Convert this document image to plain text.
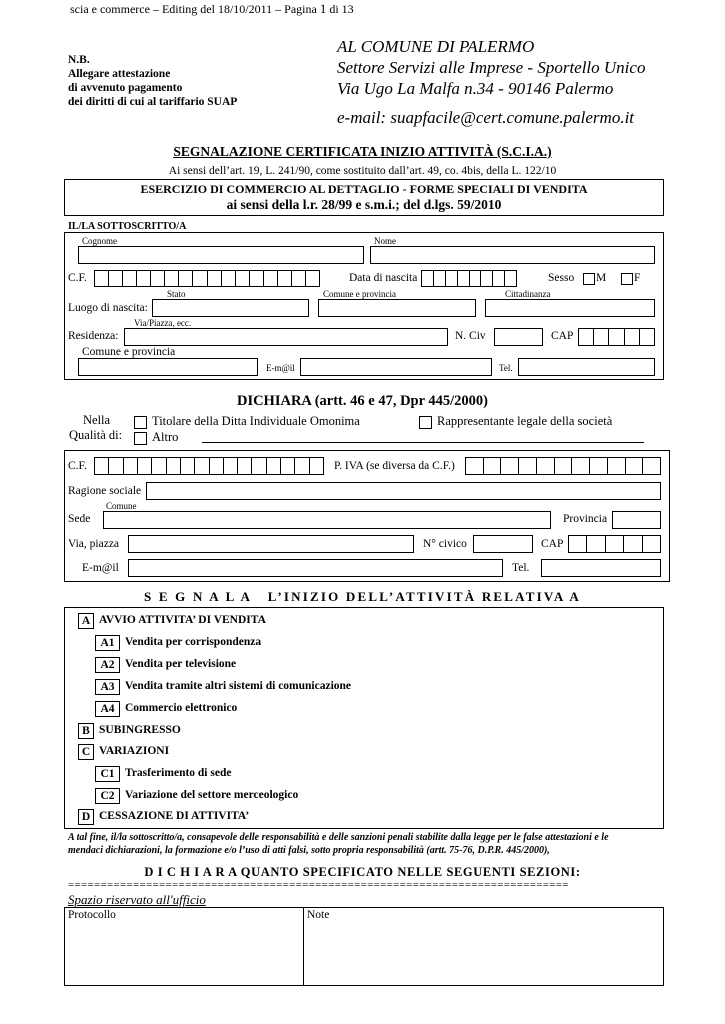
scia e commerce – Editing del 18/10/2011 – Pagina 1 di 13
N.B.
Allegare attestazione
di avvenuto pagamento
dei diritti di cui al tariffario SUAP
AL COMUNE DI PALERMO
Settore Servizi alle Imprese - Sportello Unico
Via Ugo La Malfa n.34 - 90146 Palermo
e-mail: suapfacile@cert.comune.palermo.it
SEGNALAZIONE CERTIFICATA INIZIO ATTIVITÀ (S.C.I.A.)
Ai sensi dell’art. 19, L. 241/90, come sostituito dall’art. 49, co. 4bis, della L. 122/10
ESERCIZIO DI COMMERCIO AL DETTAGLIO - FORME SPECIALI DI VENDITA
ai sensi della l.r. 28/99 e s.m.i.; del d.lgs. 59/2010
IL/LA SOTTOSCRITTO/A
Cognome	Nome
C.F.	Data di nascita	Sesso M F
Stato	Comune e provincia	Cittadinanza
Luogo di nascita:
Via/Piazza, ecc.
Residenza:	N. Civ	CAP
Comune e provincia
E-m@il	Tel.
DICHIARA (artt. 46 e 47, Dpr 445/2000)
Nella
Qualità di:
Titolare della Ditta Individuale Omonima	Rappresentante legale della società
Altro
C.F.	P. IVA (se diversa da C.F.)
Ragione sociale
Comune
Sede	Provincia
Via, piazza	N° civico	CAP
E-m@il	Tel.
S E G N A L A   L’INIZIO DELL’ATTIVITÀ RELATIVA A
A AVVIO ATTIVITA’ DI VENDITA
A1 Vendita per corrispondenza
A2 Vendita per televisione
A3 Vendita tramite altri sistemi di comunicazione
A4 Commercio elettronico
B SUBINGRESSO
C VARIAZIONI
C1 Trasferimento di sede
C2 Variazione del settore merceologico
D CESSAZIONE DI ATTIVITA’
A tal fine, il/la sottoscritto/a, consapevole delle responsabilità e delle sanzioni penali stabilite dalla legge per le false attestazioni e le
mendaci dichiarazioni, la formazione e/o l’uso di atti falsi, sotto propria responsabilità (artt. 75-76, D.P.R. 445/2000),
D I C H I A R A QUANTO SPECIFICATO NELLE SEGUENTI SEZIONI:
=============================================================================
Spazio riservato all'ufficio
Protocollo	Note
